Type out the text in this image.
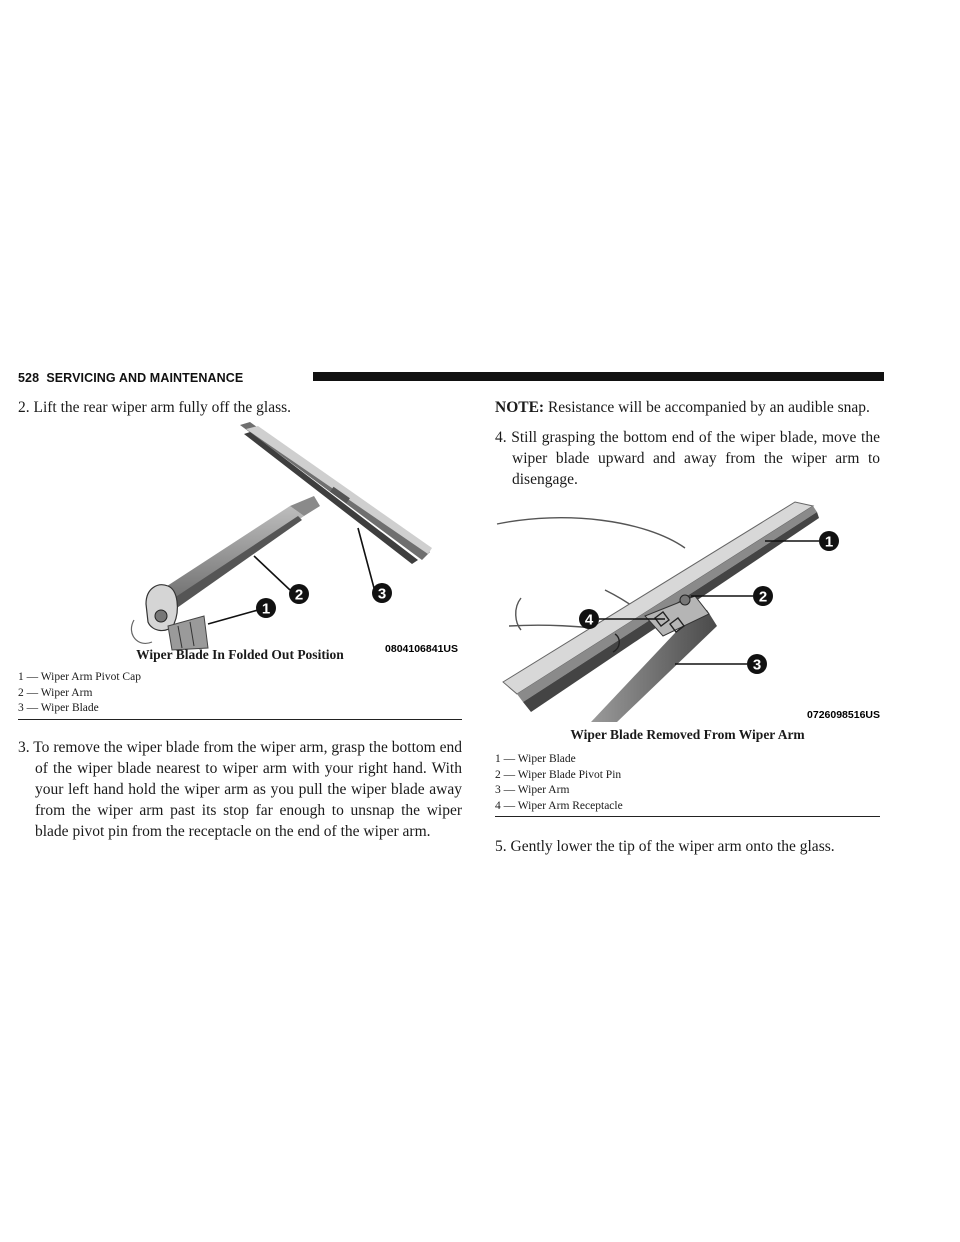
528 SERVICING AND MAINTENANCE

2. Lift the rear wiper arm fully off the glass.

1
2	3
0804106841US
Wiper Blade In Folded Out Position
1 — Wiper Arm Pivot Cap
2 — Wiper Arm
3 — Wiper Blade

3. To remove the wiper blade from the wiper arm, grasp the bottom end of the wiper blade nearest to wiper arm with your right hand. With your left hand hold the wiper arm as you pull the wiper blade away from the wiper arm past its stop far enough to unsnap the wiper blade pivot pin from the receptacle on the end of the wiper arm.

NOTE: Resistance will be accompanied by an audible snap.

4. Still grasping the bottom end of the wiper blade, move the wiper blade upward and away from the wiper arm to disengage.

1
2
3
4
0726098516US
Wiper Blade Removed From Wiper Arm
1 — Wiper Blade
2 — Wiper Blade Pivot Pin
3 — Wiper Arm
4 — Wiper Arm Receptacle

5. Gently lower the tip of the wiper arm onto the glass.
